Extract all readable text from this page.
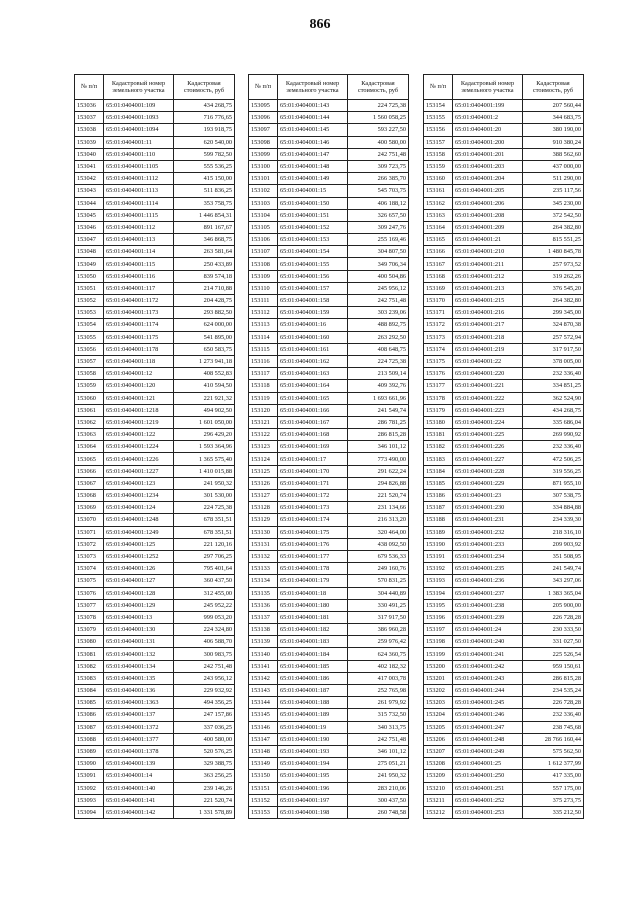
866
№ п/п	Кадастровый номер земельного участка	Кадастровая стоимость, руб
153036	65:01:0404001:109	434 268,75
153037	65:01:0404001:1093	716 776,65
153038	65:01:0404001:1094	193 918,75
153039	65:01:0404001:11	620 540,00
153040	65:01:0404001:110	599 782,50
153041	65:01:0404001:1105	555 536,25
153042	65:01:0404001:1112	415 150,00
153043	65:01:0404001:1113	511 836,25
153044	65:01:0404001:1114	353 758,75
153045	65:01:0404001:1115	1 446 854,31
153046	65:01:0404001:112	891 167,67
153047	65:01:0404001:113	346 868,75
153048	65:01:0404001:114	263 581,64
153049	65:01:0404001:115	250 433,89
153050	65:01:0404001:116	839 574,18
153051	65:01:0404001:117	214 710,88
153052	65:01:0404001:1172	204 428,75
153053	65:01:0404001:1173	293 882,50
153054	65:01:0404001:1174	624 000,00
153055	65:01:0404001:1175	541 895,00
153056	65:01:0404001:1178	650 583,75
153057	65:01:0404001:118	1 273 941,18
153058	65:01:0404001:12	408 552,83
153059	65:01:0404001:120	410 594,50
153060	65:01:0404001:121	221 921,32
153061	65:01:0404001:1218	494 902,50
153062	65:01:0404001:1219	1 601 050,00
153063	65:01:0404001:122	296 429,20
153064	65:01:0404001:1224	1 593 364,96
153065	65:01:0404001:1226	1 365 575,40
153066	65:01:0404001:1227	1 410 015,88
153067	65:01:0404001:123	241 950,32
153068	65:01:0404001:1234	301 530,00
153069	65:01:0404001:124	224 725,38
153070	65:01:0404001:1248	678 351,51
153071	65:01:0404001:1249	678 351,51
153072	65:01:0404001:125	221 120,16
153073	65:01:0404001:1252	297 706,25
153074	65:01:0404001:126	795 401,64
153075	65:01:0404001:127	360 437,50
153076	65:01:0404001:128	312 455,00
153077	65:01:0404001:129	245 952,22
153078	65:01:0404001:13	999 053,20
153079	65:01:0404001:130	224 324,80
153080	65:01:0404001:131	406 588,70
153081	65:01:0404001:132	300 983,75
153082	65:01:0404001:134	242 751,48
153083	65:01:0404001:135	243 956,12
153084	65:01:0404001:136	229 932,92
153085	65:01:0404001:1363	494 356,25
153086	65:01:0404001:137	247 157,86
153087	65:01:0404001:1372	337 036,25
153088	65:01:0404001:1377	400 580,00
153089	65:01:0404001:1378	520 576,25
153090	65:01:0404001:139	329 388,75
153091	65:01:0404001:14	363 256,25
153092	65:01:0404001:140	239 146,26
153093	65:01:0404001:141	221 520,74
153094	65:01:0404001:142	1 331 578,89
№ п/п	Кадастровый номер земельного участка	Кадастровая стоимость, руб
153095	65:01:0404001:143	224 725,38
153096	65:01:0404001:144	1 560 058,25
153097	65:01:0404001:145	593 227,50
153098	65:01:0404001:146	400 580,00
153099	65:01:0404001:147	242 751,48
153100	65:01:0404001:148	309 723,75
153101	65:01:0404001:149	266 385,70
153102	65:01:0404001:15	545 703,75
153103	65:01:0404001:150	406 188,12
153104	65:01:0404001:151	326 657,50
153105	65:01:0404001:152	309 247,76
153106	65:01:0404001:153	255 169,46
153107	65:01:0404001:154	304 807,50
153108	65:01:0404001:155	349 706,34
153109	65:01:0404001:156	400 504,86
153110	65:01:0404001:157	245 956,12
153111	65:01:0404001:158	242 751,48
153112	65:01:0404001:159	303 239,06
153113	65:01:0404001:16	488 892,75
153114	65:01:0404001:160	263 292,50
153115	65:01:0404001:161	408 648,75
153116	65:01:0404001:162	224 725,38
153117	65:01:0404001:163	213 509,14
153118	65:01:0404001:164	409 392,76
153119	65:01:0404001:165	1 693 661,96
153120	65:01:0404001:166	241 549,74
153121	65:01:0404001:167	286 781,25
153122	65:01:0404001:168	286 815,28
153123	65:01:0404001:169	346 101,12
153124	65:01:0404001:17	773 490,00
153125	65:01:0404001:170	291 622,24
153126	65:01:0404001:171	294 826,88
153127	65:01:0404001:172	221 520,74
153128	65:01:0404001:173	231 134,66
153129	65:01:0404001:174	216 313,20
153130	65:01:0404001:175	320 464,00
153131	65:01:0404001:176	438 092,50
153132	65:01:0404001:177	679 536,33
153133	65:01:0404001:178	249 160,76
153134	65:01:0404001:179	570 831,25
153135	65:01:0404001:18	304 440,89
153136	65:01:0404001:180	330 491,25
153137	65:01:0404001:181	317 917,50
153138	65:01:0404001:182	386 960,28
153139	65:01:0404001:183	259 976,42
153140	65:01:0404001:184	624 360,75
153141	65:01:0404001:185	402 182,32
153142	65:01:0404001:186	417 003,78
153143	65:01:0404001:187	252 765,98
153144	65:01:0404001:188	261 979,92
153145	65:01:0404001:189	315 732,50
153146	65:01:0404001:19	340 313,75
153147	65:01:0404001:190	242 751,48
153148	65:01:0404001:193	346 101,12
153149	65:01:0404001:194	275 051,21
153150	65:01:0404001:195	241 950,32
153151	65:01:0404001:196	283 210,06
153152	65:01:0404001:197	300 437,50
153153	65:01:0404001:198	260 748,58
№ п/п	Кадастровый номер земельного участка	Кадастровая стоимость, руб
153154	65:01:0404001:199	207 560,44
153155	65:01:0404001:2	344 683,75
153156	65:01:0404001:20	380 190,00
153157	65:01:0404001:200	910 380,24
153158	65:01:0404001:201	388 562,60
153159	65:01:0404001:203	437 000,00
153160	65:01:0404001:204	511 290,00
153161	65:01:0404001:205	235 117,56
153162	65:01:0404001:206	345 230,00
153163	65:01:0404001:208	372 542,50
153164	65:01:0404001:209	264 382,80
153165	65:01:0404001:21	815 551,25
153166	65:01:0404001:210	1 480 845,78
153167	65:01:0404001:211	257 973,52
153168	65:01:0404001:212	319 262,26
153169	65:01:0404001:213	376 545,20
153170	65:01:0404001:215	264 382,80
153171	65:01:0404001:216	299 345,00
153172	65:01:0404001:217	324 870,38
153173	65:01:0404001:218	257 572,94
153174	65:01:0404001:219	317 917,50
153175	65:01:0404001:22	378 005,00
153176	65:01:0404001:220	232 336,40
153177	65:01:0404001:221	334 851,25
153178	65:01:0404001:222	362 524,90
153179	65:01:0404001:223	434 268,75
153180	65:01:0404001:224	335 686,04
153181	65:01:0404001:225	269 990,92
153182	65:01:0404001:226	232 336,40
153183	65:01:0404001:227	472 506,25
153184	65:01:0404001:228	319 556,25
153185	65:01:0404001:229	871 955,10
153186	65:01:0404001:23	307 538,75
153187	65:01:0404001:230	334 884,88
153188	65:01:0404001:231	234 339,30
153189	65:01:0404001:232	218 316,10
153190	65:01:0404001:233	209 903,92
153191	65:01:0404001:234	351 508,95
153192	65:01:0404001:235	241 549,74
153193	65:01:0404001:236	343 297,06
153194	65:01:0404001:237	1 383 365,04
153195	65:01:0404001:238	205 900,00
153196	65:01:0404001:239	226 728,28
153197	65:01:0404001:24	230 333,50
153198	65:01:0404001:240	331 027,50
153199	65:01:0404001:241	225 526,54
153200	65:01:0404001:242	959 150,61
153201	65:01:0404001:243	286 815,28
153202	65:01:0404001:244	234 535,24
153203	65:01:0404001:245	226 728,28
153204	65:01:0404001:246	232 336,40
153205	65:01:0404001:247	238 745,68
153206	65:01:0404001:248	28 766 160,44
153207	65:01:0404001:249	575 562,50
153208	65:01:0404001:25	1 612 377,99
153209	65:01:0404001:250	417 335,00
153210	65:01:0404001:251	557 175,00
153211	65:01:0404001:252	375 273,75
153212	65:01:0404001:253	335 212,50
